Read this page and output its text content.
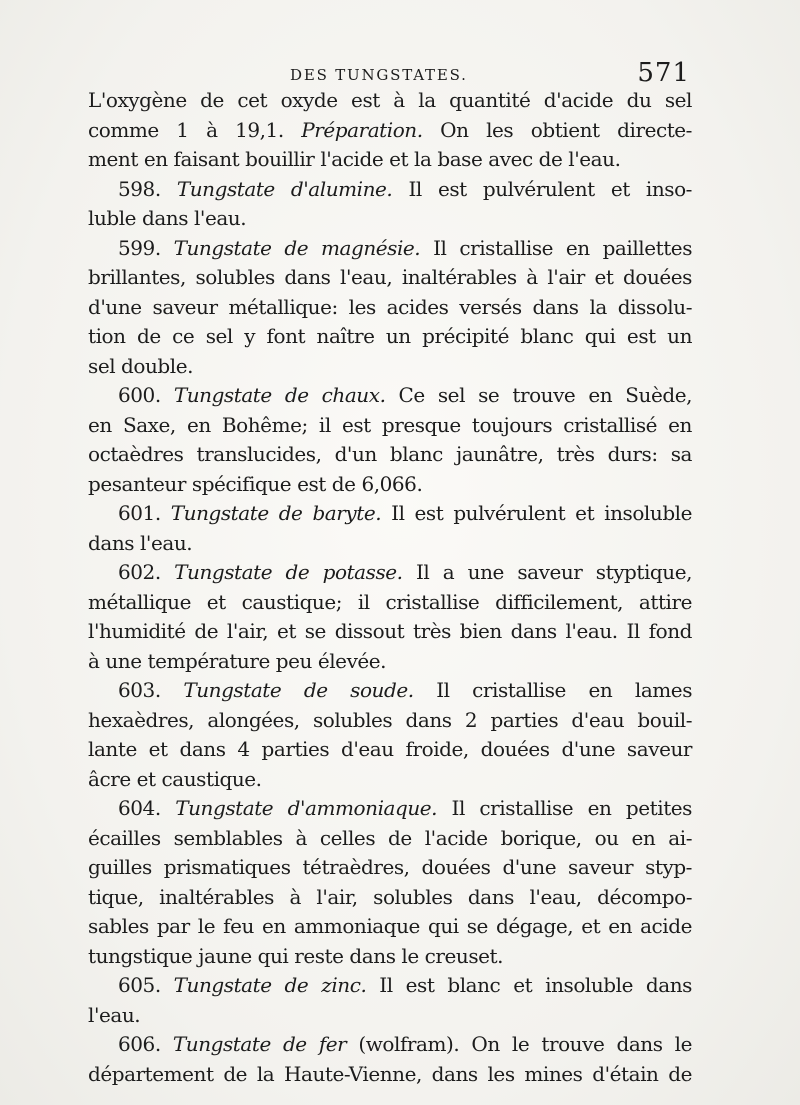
DES TUNGSTATES.	571
L'oxygène de cet oxyde est à la quantité d'acide du sel
comme 1 à 19,1. Préparation. On les obtient directe-
ment en faisant bouillir l'acide et la base avec de l'eau.
598. Tungstate d'alumine. Il est pulvérulent et inso-
luble dans l'eau.
599. Tungstate de magnésie. Il cristallise en paillettes
brillantes, solubles dans l'eau, inaltérables à l'air et douées
d'une saveur métallique: les acides versés dans la dissolu-
tion de ce sel y font naître un précipité blanc qui est un
sel double.
600. Tungstate de chaux. Ce sel se trouve en Suède,
en Saxe, en Bohême; il est presque toujours cristallisé en
octaèdres translucides, d'un blanc jaunâtre, très durs: sa
pesanteur spécifique est de 6,066.
601. Tungstate de baryte. Il est pulvérulent et insoluble
dans l'eau.
602. Tungstate de potasse. Il a une saveur styptique,
métallique et caustique; il cristallise difficilement, attire
l'humidité de l'air, et se dissout très bien dans l'eau. Il fond
à une température peu élevée.
603. Tungstate de soude. Il cristallise en lames
hexaèdres, alongées, solubles dans 2 parties d'eau bouil-
lante et dans 4 parties d'eau froide, douées d'une saveur
âcre et caustique.
604. Tungstate d'ammoniaque. Il cristallise en petites
écailles semblables à celles de l'acide borique, ou en ai-
guilles prismatiques tétraèdres, douées d'une saveur styp-
tique, inaltérables à l'air, solubles dans l'eau, décompo-
sables par le feu en ammoniaque qui se dégage, et en acide
tungstique jaune qui reste dans le creuset.
605. Tungstate de zinc. Il est blanc et insoluble dans
l'eau.
606. Tungstate de fer (wolfram). On le trouve dans le
département de la Haute-Vienne, dans les mines d'étain de
